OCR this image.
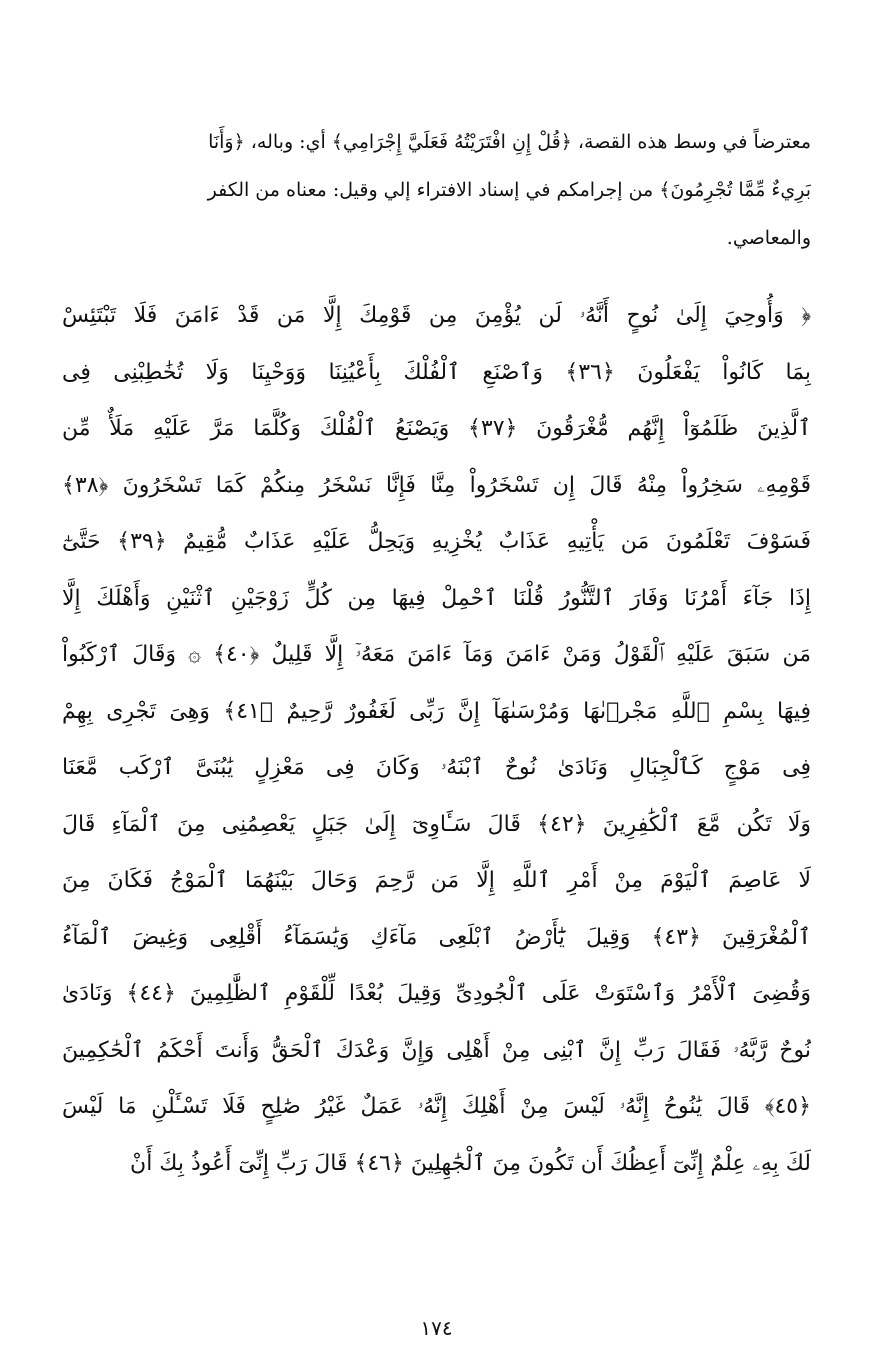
معترضاً في وسط هذه القصة، ﴿قُلْ إِنِ افْتَرَيْتُهُ فَعَلَيَّ إِجْرَامِي﴾ أي: وباله، ﴿وَأَنَا
بَرِيءٌ مِّمَّا تُجْرِمُونَ﴾ من إجرامكم في إسناد الافتراء إلي وقيل: معناه من الكفر
والمعاصي.
﴿ وَأُوحِيَ إِلَىٰ نُوحٍ أَنَّهُۥ لَن يُؤْمِنَ مِن قَوْمِكَ إِلَّا مَن قَدْ ءَامَنَ فَلَا تَبْتَئِسْ
بِمَا كَانُواْ يَفْعَلُونَ ﴿٣٦﴾ وَٱصْنَعِ ٱلْفُلْكَ بِأَعْيُنِنَا وَوَحْيِنَا وَلَا تُخَٰطِبْنِى فِى
ٱلَّذِينَ ظَلَمُوٓاْ إِنَّهُم مُّغْرَقُونَ ﴿٣٧﴾ وَيَصْنَعُ ٱلْفُلْكَ وَكُلَّمَا مَرَّ عَلَيْهِ مَلَأٌ مِّن
قَوْمِهِۦ سَخِرُواْ مِنْهُ قَالَ إِن تَسْخَرُواْ مِنَّا فَإِنَّا نَسْخَرُ مِنكُمْ كَمَا تَسْخَرُونَ ﴿٣٨﴾
فَسَوْفَ تَعْلَمُونَ مَن يَأْتِيهِ عَذَابٌ يُخْزِيهِ وَيَحِلُّ عَلَيْهِ عَذَابٌ مُّقِيمٌ ﴿٣٩﴾ حَتَّىٰٓ
إِذَا جَآءَ أَمْرُنَا وَفَارَ ٱلتَّنُّورُ قُلْنَا ٱحْمِلْ فِيهَا مِن كُلٍّ زَوْجَيْنِ ٱثْنَيْنِ وَأَهْلَكَ إِلَّا
مَن سَبَقَ عَلَيْهِ ٱلْقَوْلُ وَمَنْ ءَامَنَ وَمَآ ءَامَنَ مَعَهُۥٓ إِلَّا قَلِيلٌ ﴿٤٠﴾ ۞ وَقَالَ ٱرْكَبُواْ
فِيهَا بِسْمِ ٱللَّهِ مَجْر۪ىٰهَا وَمُرْسَىٰهَآ إِنَّ رَبِّى لَغَفُورٌ رَّحِيمٌ ﴿٤١﴾ وَهِىَ تَجْرِى بِهِمْ
فِى مَوْجٍ كَٱلْجِبَالِ وَنَادَىٰ نُوحٌ ٱبْنَهُۥ وَكَانَ فِى مَعْزِلٍ يَٰبُنَىَّ ٱرْكَب مَّعَنَا
وَلَا تَكُن مَّعَ ٱلْكَٰفِرِينَ ﴿٤٢﴾ قَالَ سَـَٔاوِىٓ إِلَىٰ جَبَلٍ يَعْصِمُنِى مِنَ ٱلْمَآءِ قَالَ
لَا عَاصِمَ ٱلْيَوْمَ مِنْ أَمْرِ ٱللَّهِ إِلَّا مَن رَّحِمَ وَحَالَ بَيْنَهُمَا ٱلْمَوْجُ فَكَانَ مِنَ
ٱلْمُغْرَقِينَ ﴿٤٣﴾ وَقِيلَ يَٰٓأَرْضُ ٱبْلَعِى مَآءَكِ وَيَٰسَمَآءُ أَقْلِعِى وَغِيضَ ٱلْمَآءُ
وَقُضِىَ ٱلْأَمْرُ وَٱسْتَوَتْ عَلَى ٱلْجُودِىِّ وَقِيلَ بُعْدًا لِّلْقَوْمِ ٱلظَّٰلِمِينَ ﴿٤٤﴾ وَنَادَىٰ
نُوحٌ رَّبَّهُۥ فَقَالَ رَبِّ إِنَّ ٱبْنِى مِنْ أَهْلِى وَإِنَّ وَعْدَكَ ٱلْحَقُّ وَأَنتَ أَحْكَمُ ٱلْحَٰكِمِينَ
﴿٤٥﴾ قَالَ يَٰنُوحُ إِنَّهُۥ لَيْسَ مِنْ أَهْلِكَ إِنَّهُۥ عَمَلٌ غَيْرُ صَٰلِحٍ فَلَا تَسْـَٔلْنِ مَا لَيْسَ
لَكَ بِهِۦ عِلْمٌ إِنِّىٓ أَعِظُكَ أَن تَكُونَ مِنَ ٱلْجَٰهِلِينَ ﴿٤٦﴾ قَالَ رَبِّ إِنِّىٓ أَعُوذُ بِكَ أَنْ
١٧٤
